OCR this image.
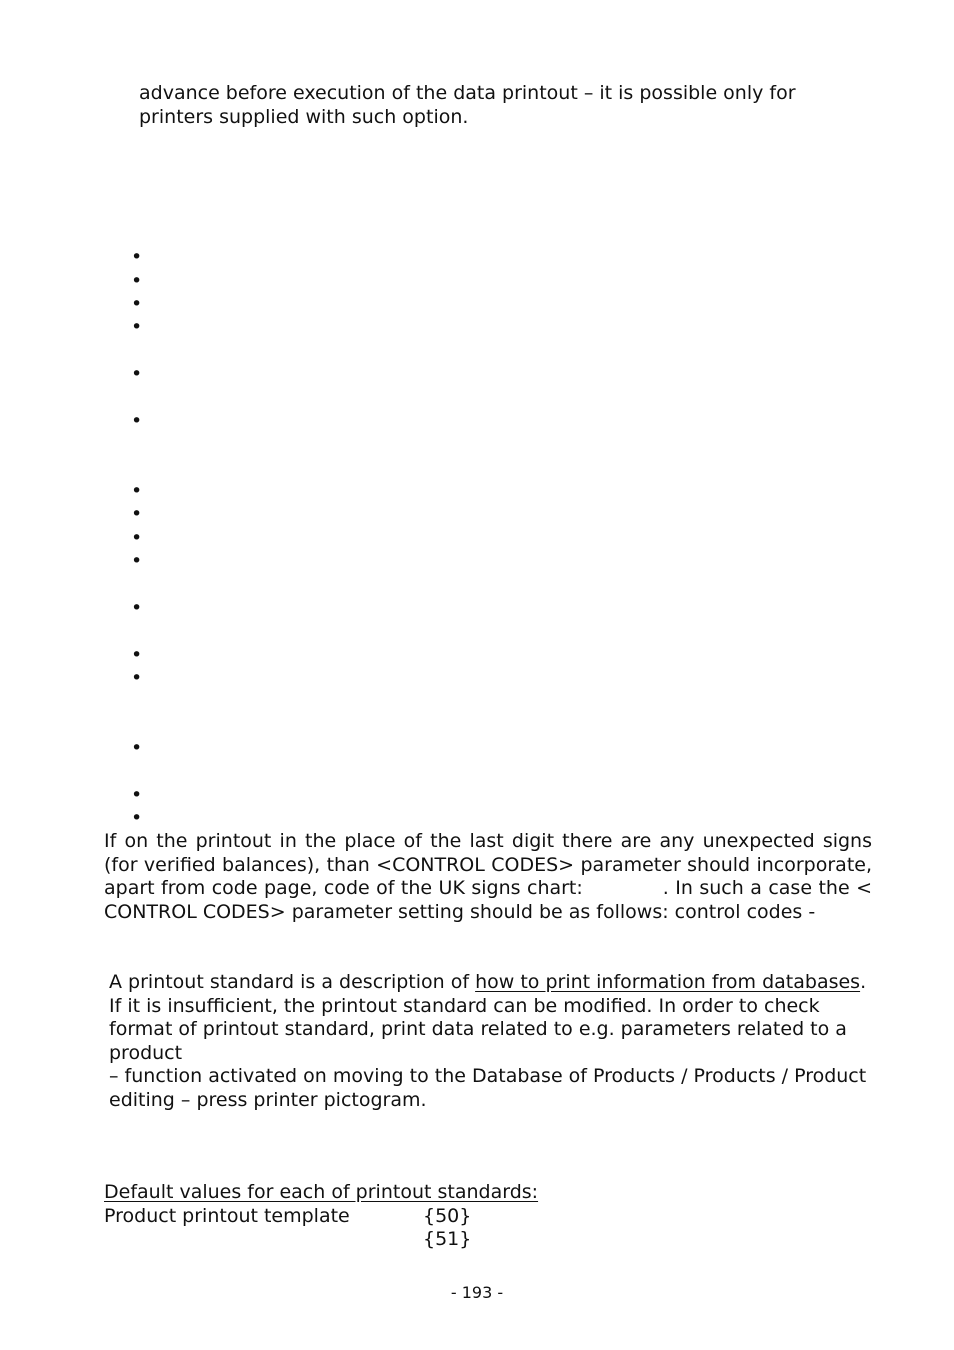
advance before execution of the data printout – it is possible only for
printers supplied with such option.
•
•
•
•
•
•
•
•
•
•
•
•
•
•
•
•
If on the printout in the place of the last digit there are any unexpected signs (for verified balances), than <CONTROL CODES> parameter should incorporate, apart from code page, code of the UK signs chart:	. In such a case the < CONTROL CODES> parameter setting should be as follows: control codes -
A printout standard is a description of how to print information from databases.
If it is insufficient, the printout standard can be modified. In order to check format of printout standard, print data related to e.g. parameters related to a product
– function activated on moving to the Database of Products / Products / Product editing – press printer pictogram.
Default values for each of printout standards:
Product printout template	{50}
{51}
- 193 -
